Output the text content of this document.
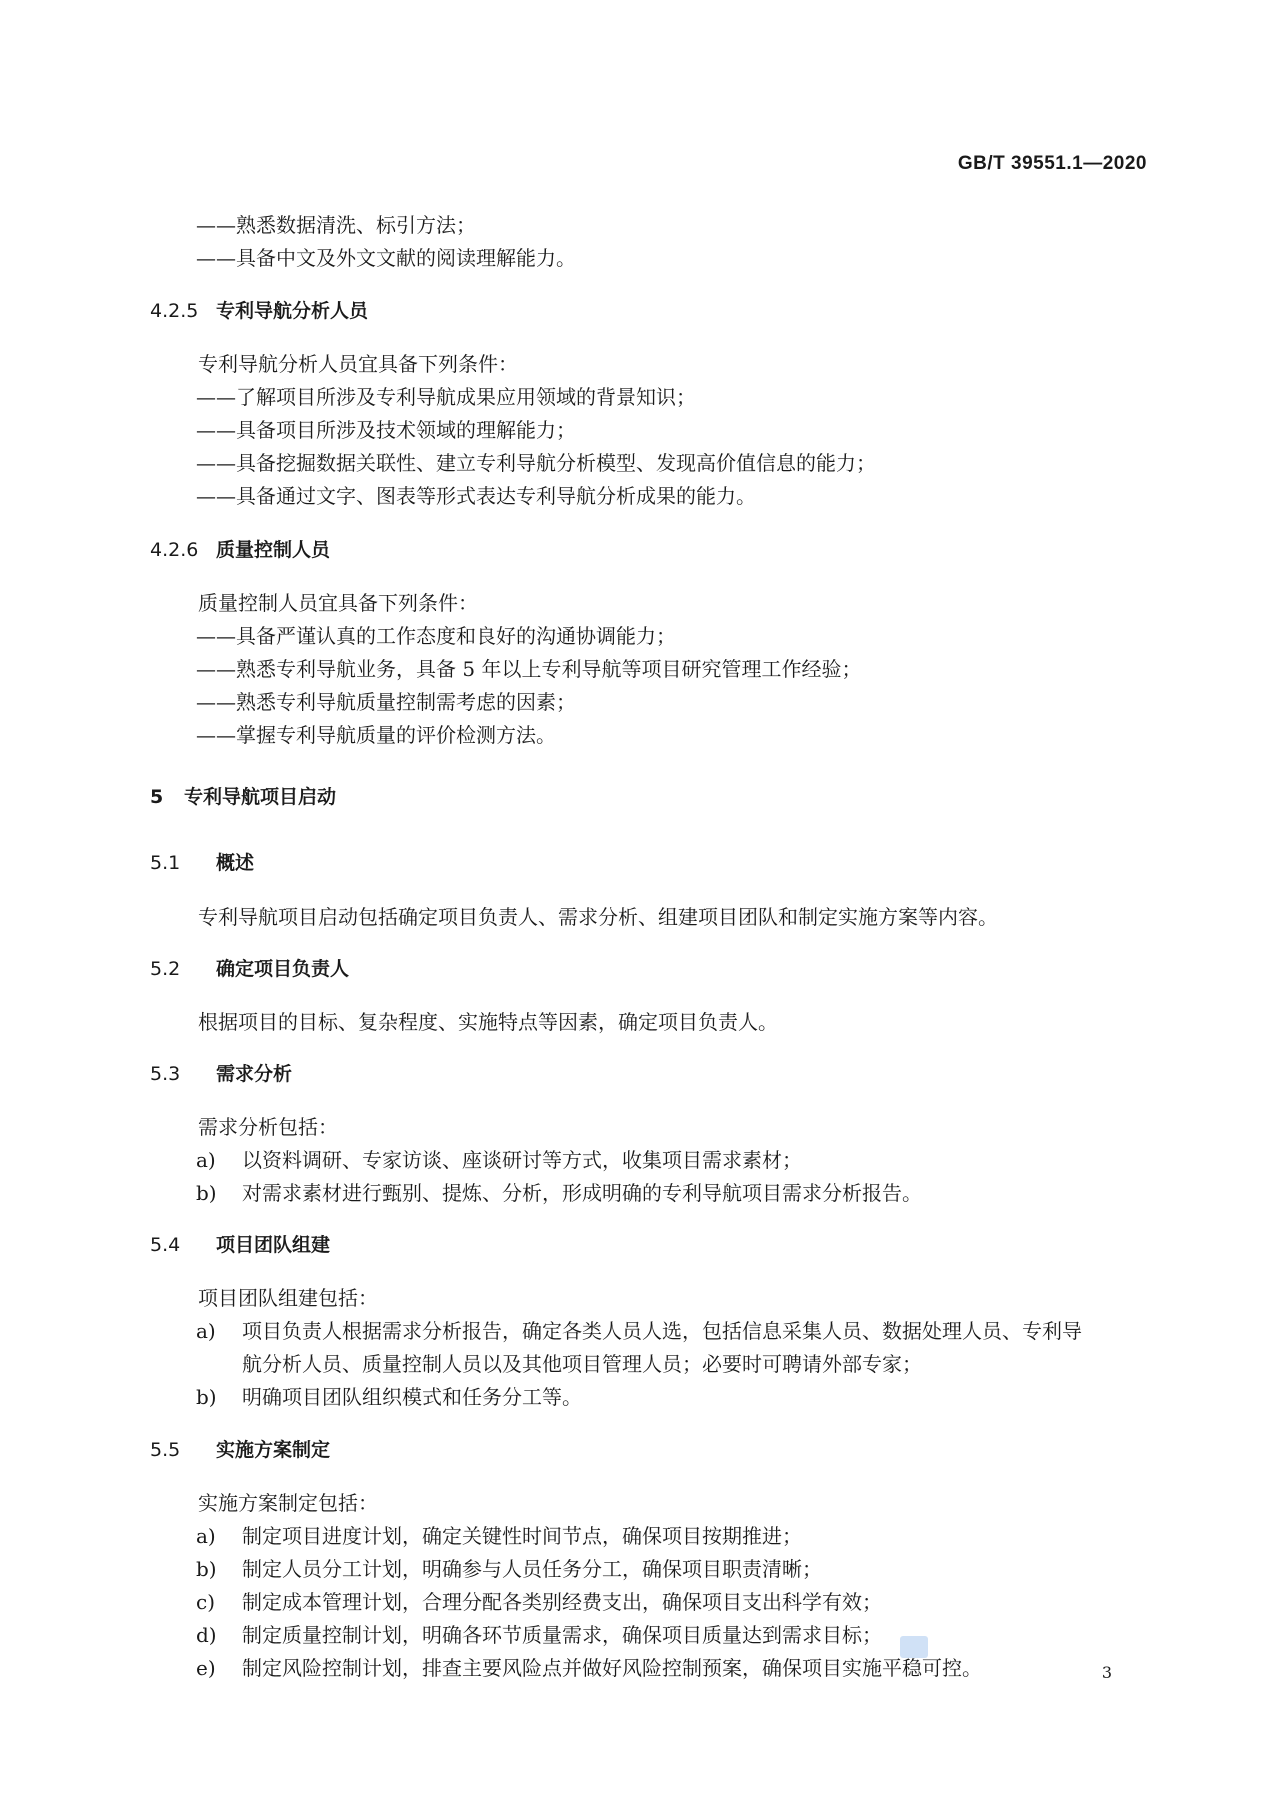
GB/T 39551.1—2020
——熟悉数据清洗、标引方法；
——具备中文及外文文献的阅读理解能力。
4.2.5 专利导航分析人员
专利导航分析人员宜具备下列条件：
——了解项目所涉及专利导航成果应用领域的背景知识；
——具备项目所涉及技术领域的理解能力；
——具备挖掘数据关联性、建立专利导航分析模型、发现高价值信息的能力；
——具备通过文字、图表等形式表达专利导航分析成果的能力。
4.2.6 质量控制人员
质量控制人员宜具备下列条件：
——具备严谨认真的工作态度和良好的沟通协调能力；
——熟悉专利导航业务，具备 5 年以上专利导航等项目研究管理工作经验；
——熟悉专利导航质量控制需考虑的因素；
——掌握专利导航质量的评价检测方法。
5 专利导航项目启动
5.1 概述
专利导航项目启动包括确定项目负责人、需求分析、组建项目团队和制定实施方案等内容。
5.2 确定项目负责人
根据项目的目标、复杂程度、实施特点等因素，确定项目负责人。
5.3 需求分析
需求分析包括：
a) 以资料调研、专家访谈、座谈研讨等方式，收集项目需求素材；
b) 对需求素材进行甄别、提炼、分析，形成明确的专利导航项目需求分析报告。
5.4 项目团队组建
项目团队组建包括：
a) 项目负责人根据需求分析报告，确定各类人员人选，包括信息采集人员、数据处理人员、专利导
航分析人员、质量控制人员以及其他项目管理人员；必要时可聘请外部专家；
b) 明确项目团队组织模式和任务分工等。
5.5 实施方案制定
实施方案制定包括：
a) 制定项目进度计划，确定关键性时间节点，确保项目按期推进；
b) 制定人员分工计划，明确参与人员任务分工，确保项目职责清晰；
c) 制定成本管理计划，合理分配各类别经费支出，确保项目支出科学有效；
d) 制定质量控制计划，明确各环节质量需求，确保项目质量达到需求目标；
e) 制定风险控制计划，排查主要风险点并做好风险控制预案，确保项目实施平稳可控。	3
